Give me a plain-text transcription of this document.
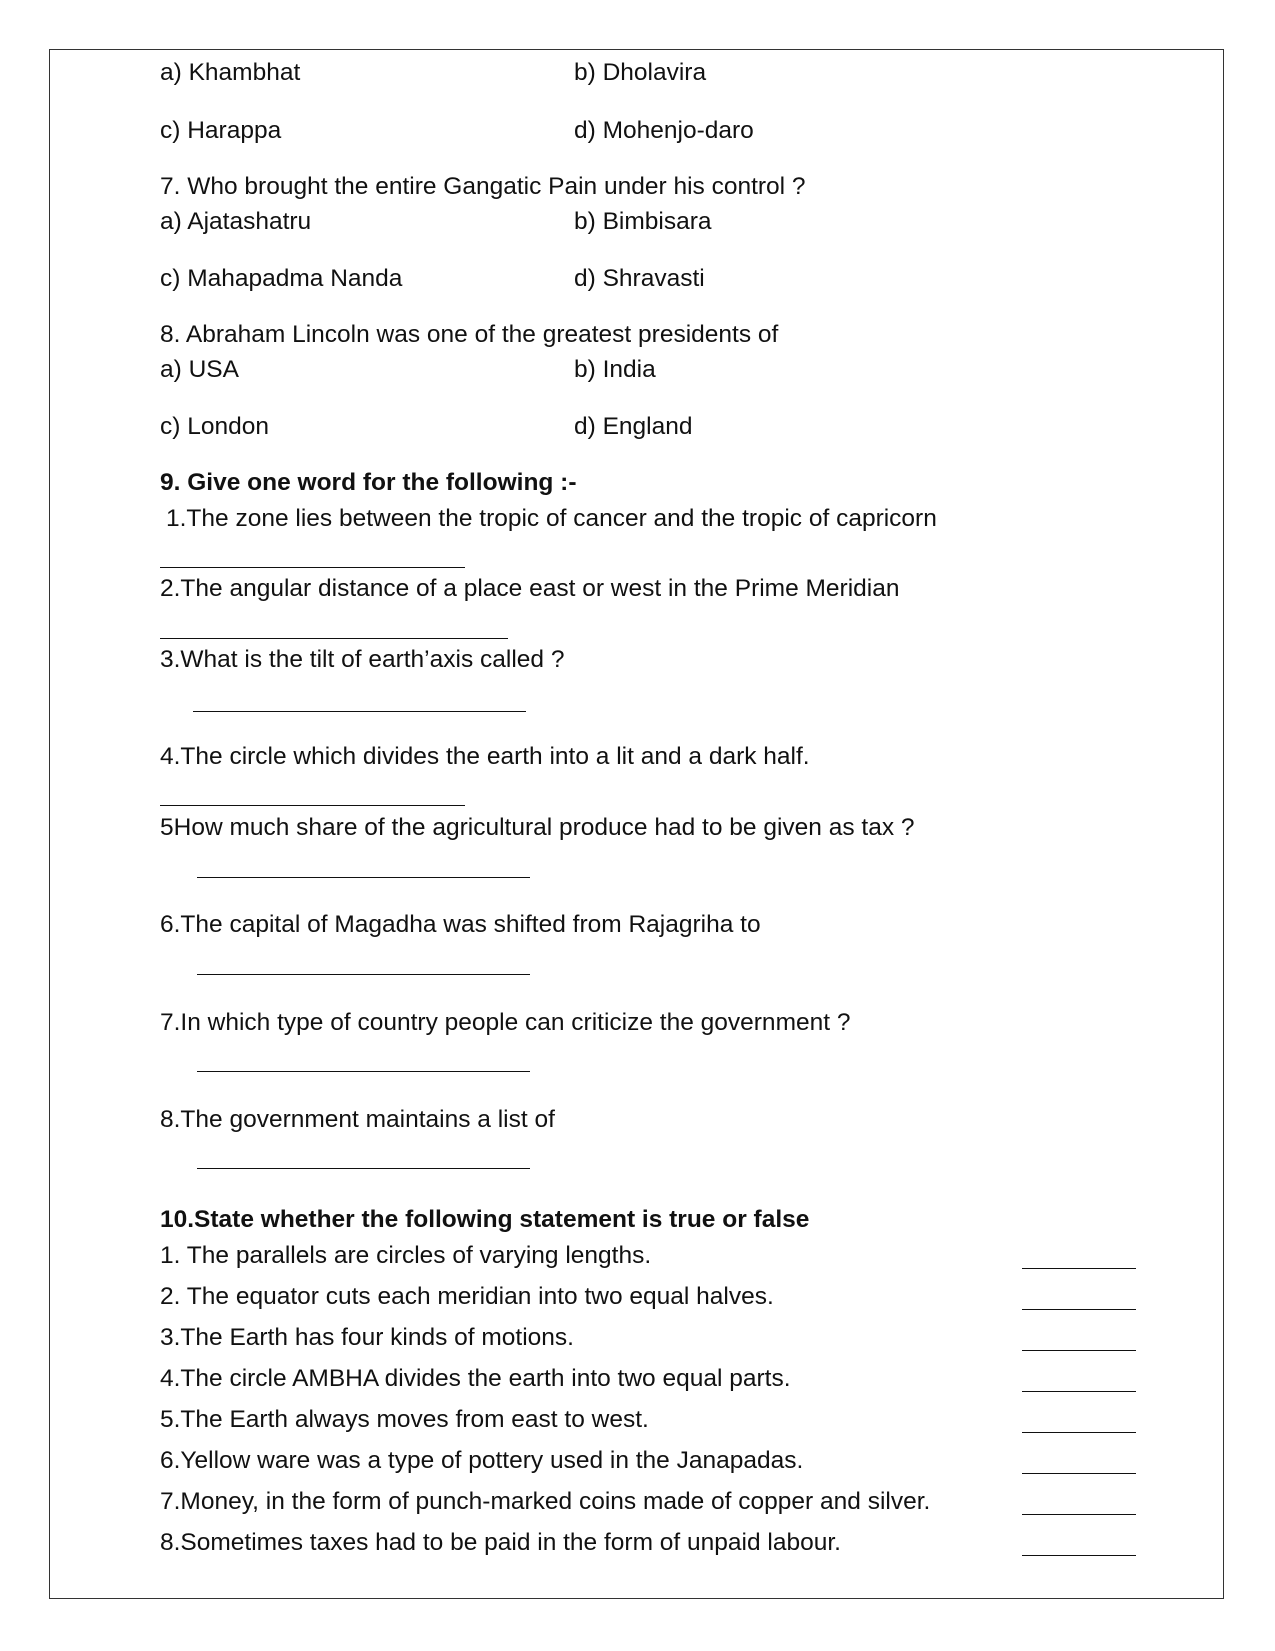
a) Khambhat	b) Dholavira
c) Harappa	d) Mohenjo-daro
7. Who brought the entire Gangatic Pain under his control ?
a) Ajatashatru	b) Bimbisara
c) Mahapadma Nanda	d) Shravasti
8. Abraham Lincoln was one of the greatest presidents of
a) USA	b) India
c) London	d) England
9. Give one word for the following :-
1.The zone lies between the tropic of cancer and the tropic of capricorn
2.The angular distance of a place east or west in the Prime Meridian
3.What is the tilt of earth’axis called ?
4.The circle which divides the earth into a lit and a dark half.
5How much share of the agricultural produce had to be given as tax ?
6.The capital of Magadha was shifted from Rajagriha to
7.In which type of country people can criticize the government ?
8.The government maintains a list of
10.State whether the following statement is true or false
1. The parallels are circles of varying lengths.
2. The equator cuts each meridian into two equal halves.
3.The Earth has four kinds of motions.
4.The circle AMBHA divides the earth into two equal parts.
5.The Earth always moves from east to west.
6.Yellow ware was a type of pottery used in the Janapadas.
7.Money, in the form of punch-marked coins made of copper and silver.
8.Sometimes taxes had to be paid in the form of unpaid labour.
